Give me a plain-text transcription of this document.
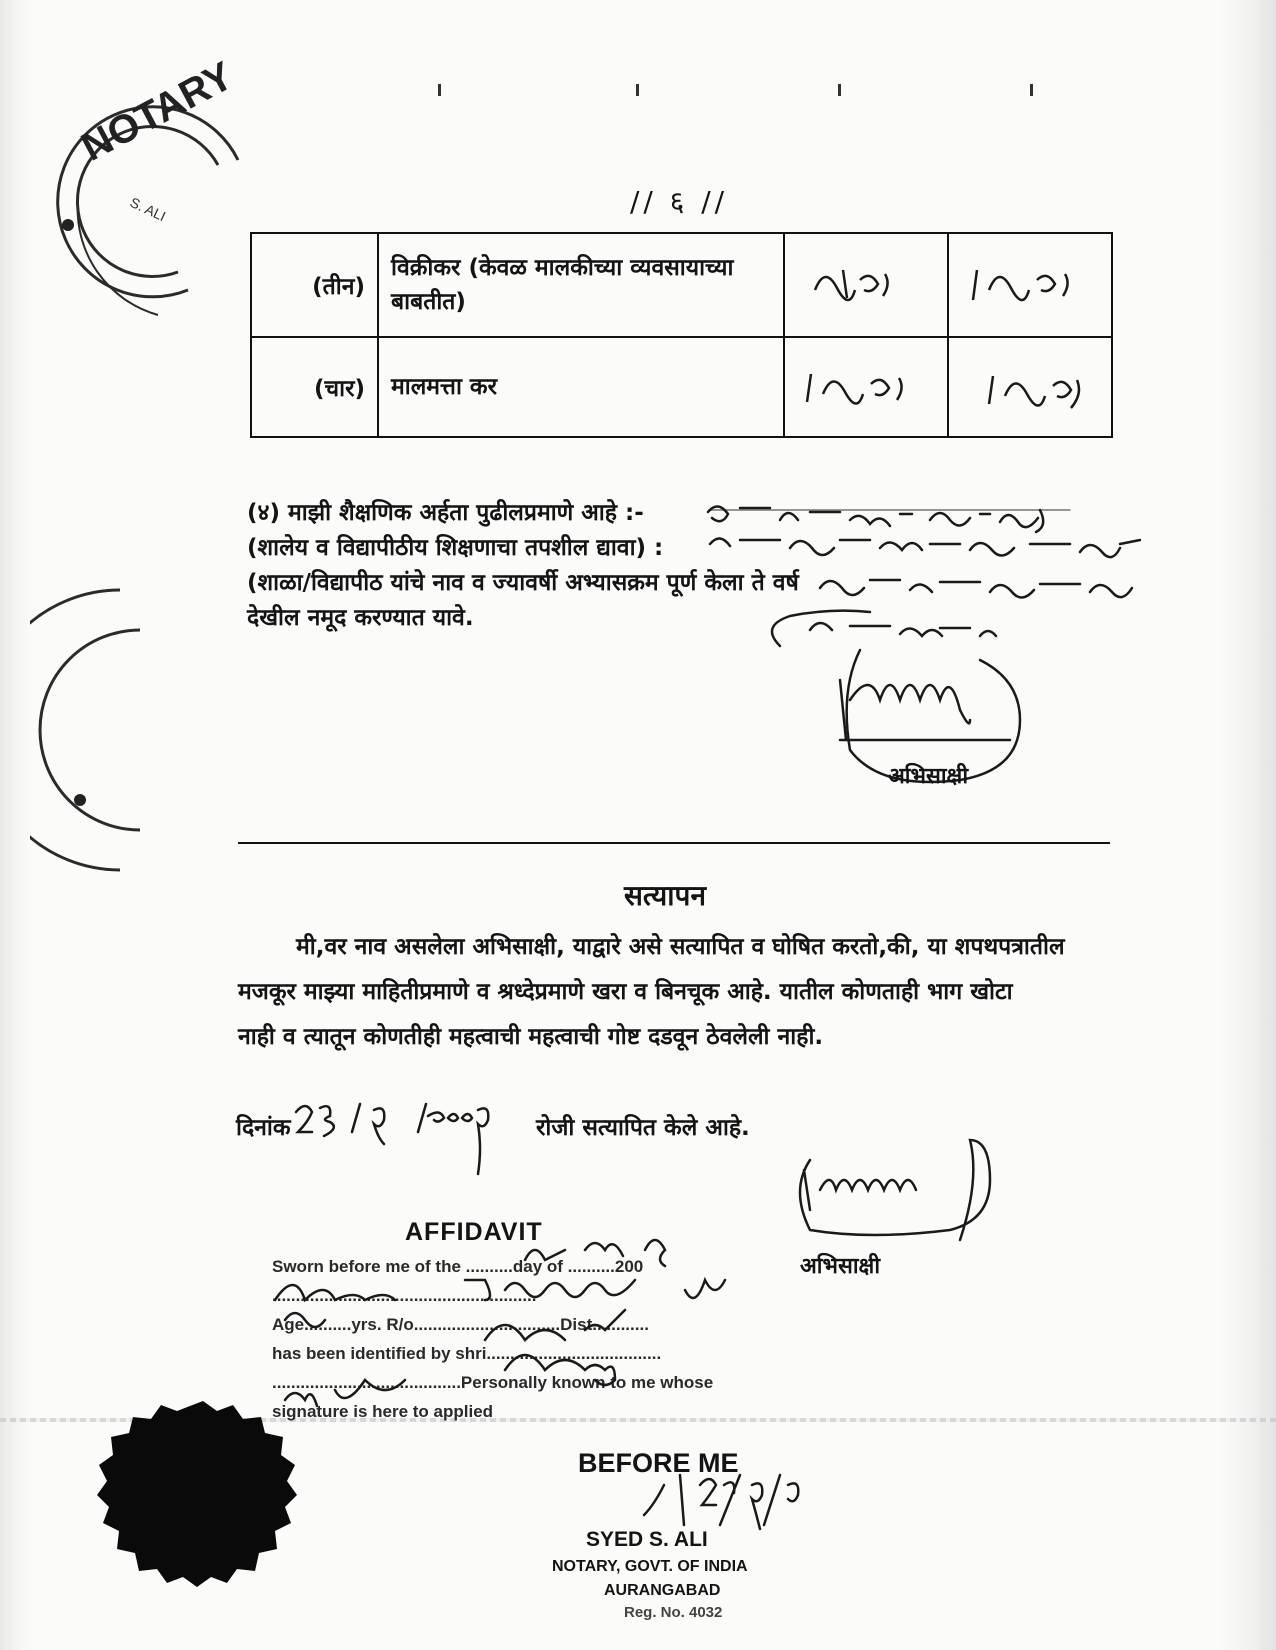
NOTARY
S. ALI	// ६ //
(तीन)	विक्रीकर (केवळ मालकीच्या व्यवसायाच्या बाबतीत)	

(चार)	मालमत्ता कर	

(४) माझी शैक्षणिक अर्हता पुढीलप्रमाणे आहे :-
(शालेय व विद्यापीठीय शिक्षणाचा तपशील द्यावा) :
(शाळा/विद्यापीठ यांचे नाव व ज्यावर्षी अभ्यासक्रम पूर्ण केला ते वर्ष
देखील नमूद करण्यात यावे.
अभिसाक्षी
सत्यापन
मी,वर नाव असलेला अभिसाक्षी, याद्वारे असे सत्यापित व घोषित करतो,की, या शपथपत्रातील
मजकूर माझ्या माहितीप्रमाणे व श्रध्देप्रमाणे खरा व बिनचूक आहे. यातील कोणताही भाग खोटा
नाही व त्यातून कोणतीही महत्वाची महत्वाची गोष्ट दडवून ठेवलेली नाही.
दिनांक	रोजी सत्यापित केले आहे.
अभिसाक्षी
AFFIDAVIT
Sworn before me of the ..........day of ..........200
........................................................
Age..........yrs. R/o...............................Dist............
has been identified by shri.....................................
........................................Personally known to me whose
signature is here to applied
BEFORE ME
SYED S. ALI
NOTARY, GOVT. OF INDIA
AURANGABAD
Reg. No. 4032
